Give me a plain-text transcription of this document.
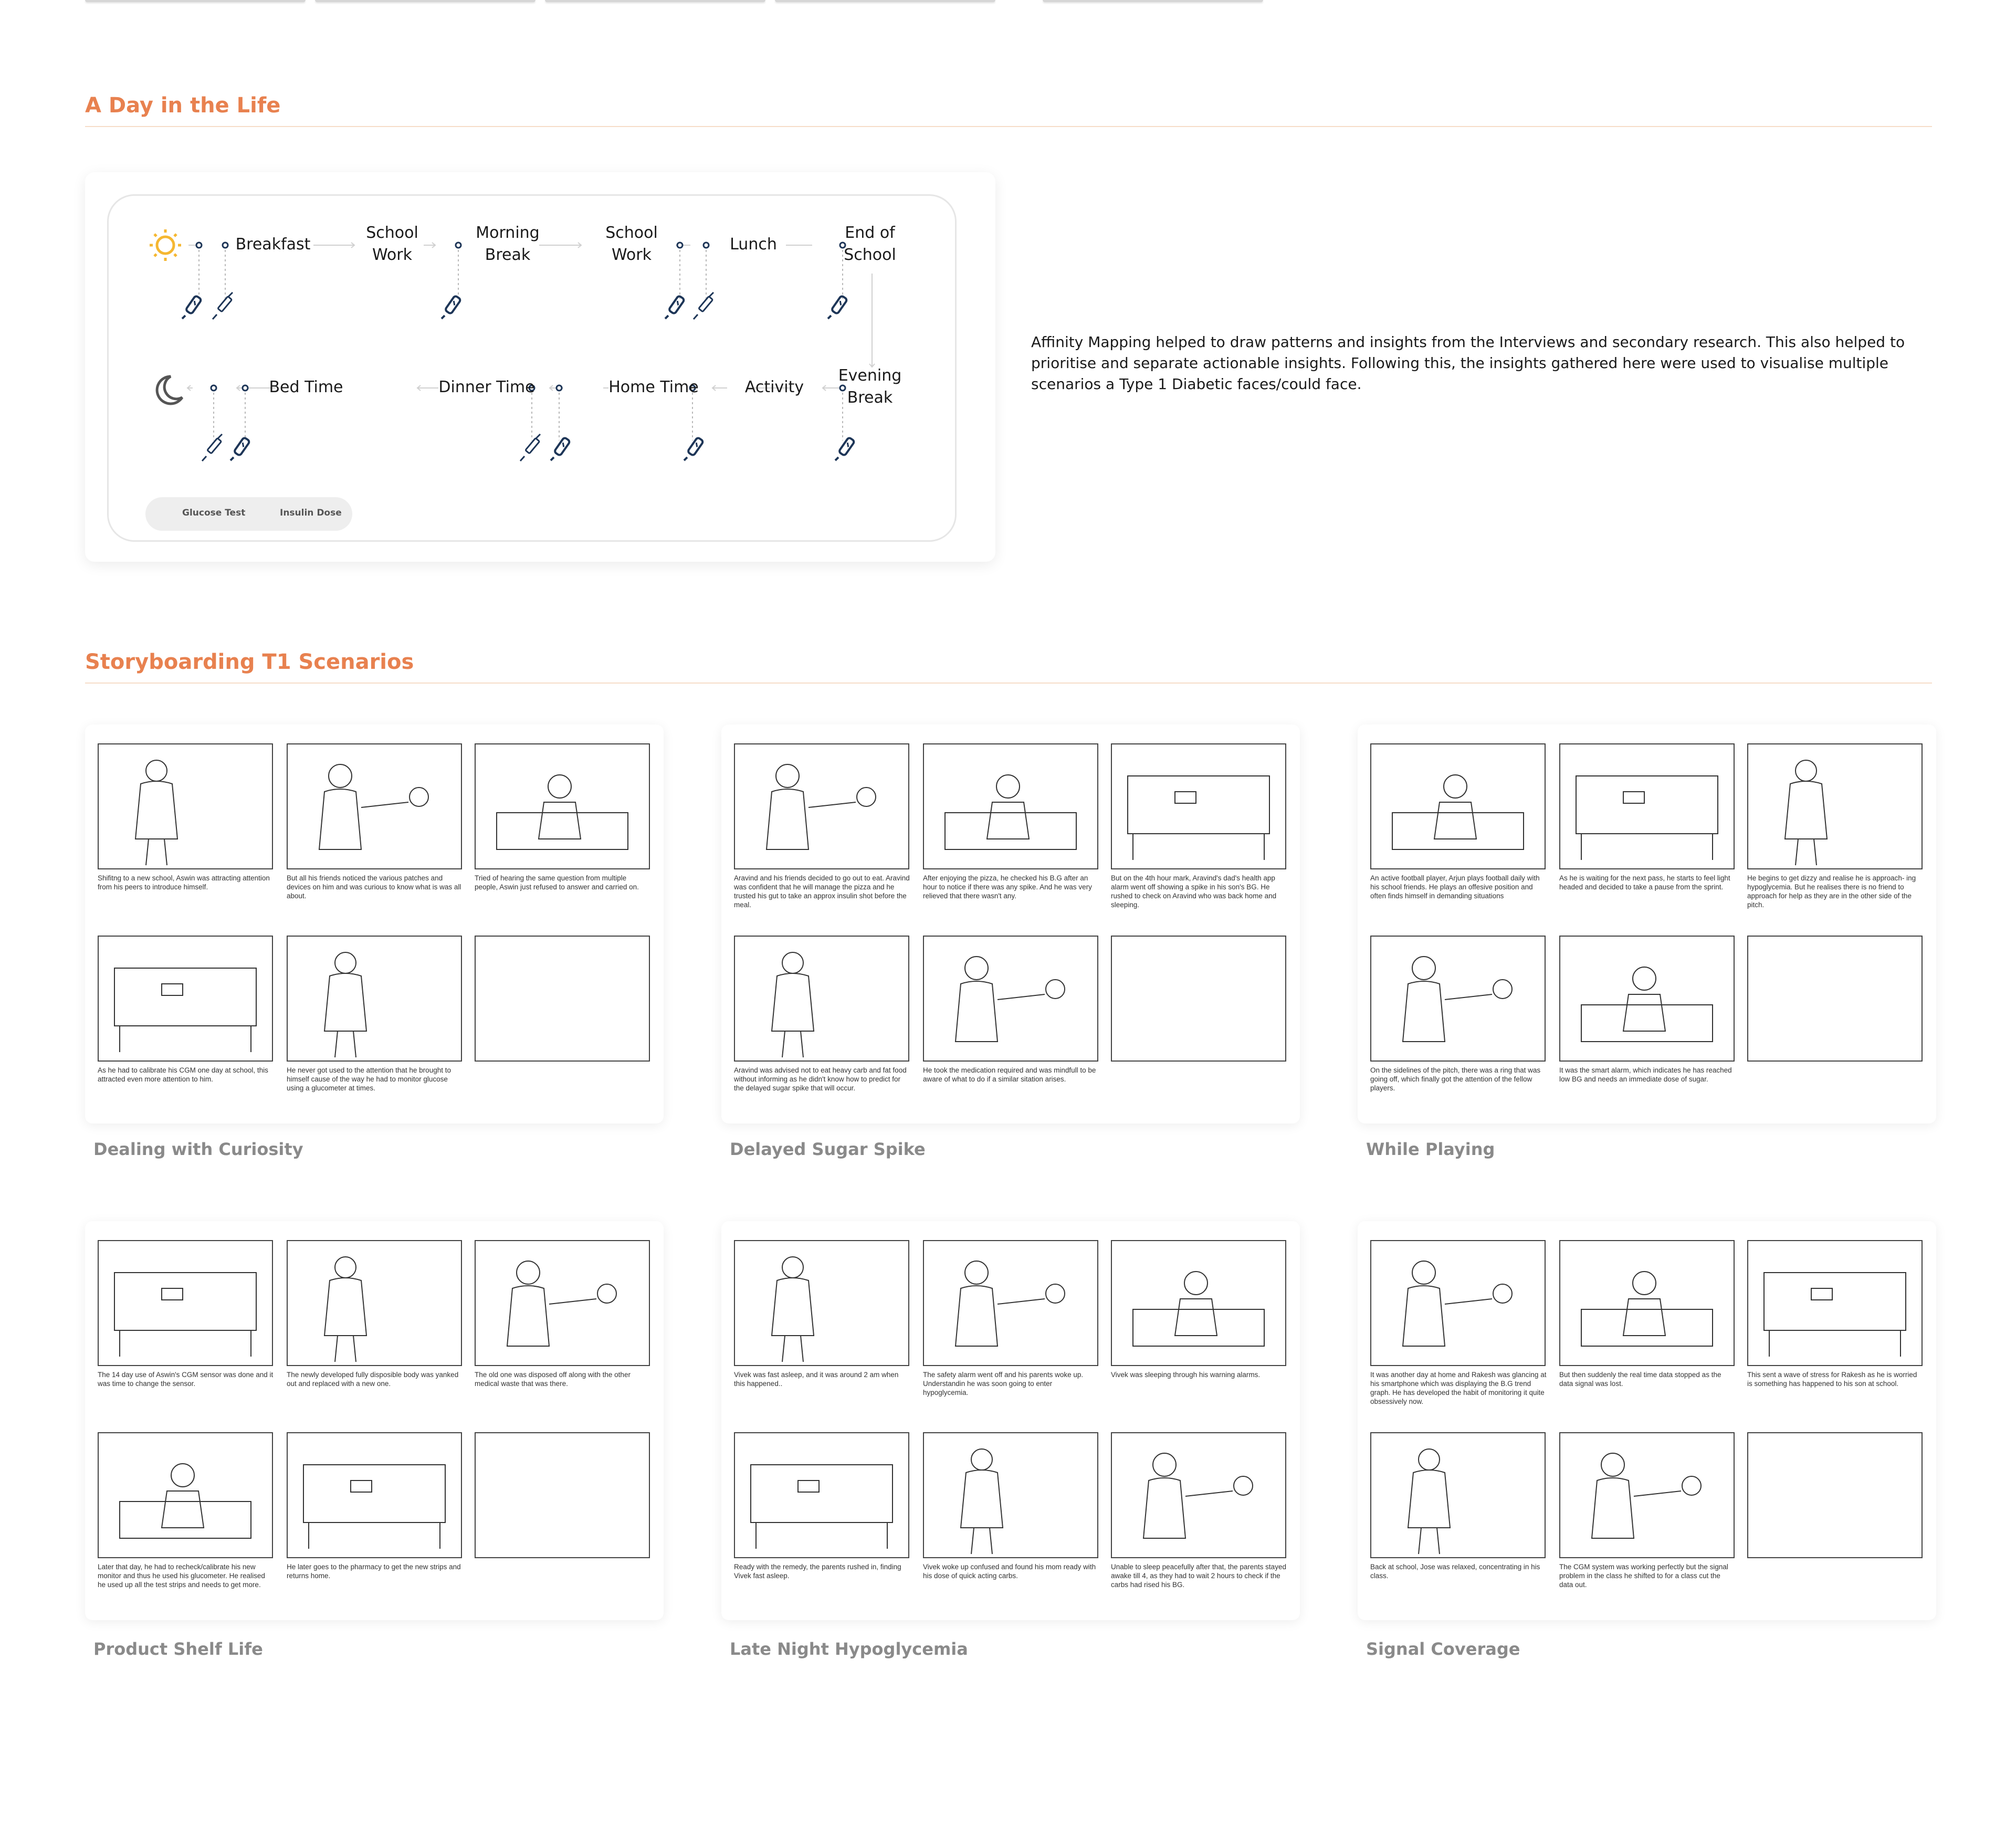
A Day in the Life
Breakfast
School
Work
Morning
Break
School
Work
Lunch
End of
School
Evening
Break
Activity
Home Time
Dinner Time
Bed Time
Glucose Test	Insulin Dose

Affinity Mapping helped to draw patterns and insights from the Interviews and secondary research. This also helped to prioritise and separate actionable insights. Following this, the insights gathered here were used to visualise multiple scenarios a Type 1 Diabetic faces/could face.

Storyboarding T1 Scenarios

Shifitng to a new school, Aswin was attracting attention from his peers to introduce himself.

But all his friends noticed the various patches and devices on him and was curious to know what is was all about.

Tried of hearing the same question from multiple people, Aswin just refused to answer and carried on.

As he had to calibrate his CGM one day at school, this attracted even more attention to him.

He never got used to the attention that he brought to himself cause of the way he had to monitor glucose using a glucometer at times.

Dealing with Curiosity

Aravind and his friends decided to go out to eat. Aravind was confident that he will manage the pizza and he trusted his gut to take an approx insulin shot before the meal.

After enjoying the pizza, he checked his B.G after an hour to notice if there was any spike. And he was very relieved that there wasn't any.

But on the 4th hour mark, Aravind's dad's health app alarm went off showing a spike in his son's BG. He rushed to check on Aravind who was back home and sleeping.

Aravind was advised not to eat heavy carb and fat food without informing as he didn't know how to predict for the delayed sugar spike that will occur.

He took the medication required and was mindfull to be aware of what to do if a similar sitation arises.

Delayed Sugar Spike

An active football player, Arjun plays football daily with his school friends. He plays an offesive position and often finds himself in demanding situations

As he is waiting for the next pass, he starts to feel light headed and decided to take a pause from the sprint.

He begins to get dizzy and realise he is approach- ing hypoglycemia. But he realises there is no friend to approach for help as they are in the other side of the pitch.

On the sidelines of the pitch, there was a ring that was going off, which finally got the attention of the fellow players.

It was the smart alarm, which indicates he has reached low BG and needs an immediate dose of sugar.

While Playing

The 14 day use of Aswin's CGM sensor was done and it was time to change the sensor.

The newly developed fully disposible body was yanked out and replaced with a new one.

The old one was disposed off along with the other medical waste that was there.

Later that day, he had to recheck/calibrate his new monitor and thus he used his glucometer. He realised he used up all the test strips and needs to get more.

He later goes to the pharmacy to get the new strips and returns home.

Product Shelf Life

Vivek was fast asleep, and it was around 2 am when this happened..

The safety alarm went off and his parents woke up. Understandin he was soon going to enter hypoglycemia.

Vivek was sleeping through his warning alarms.

Ready with the remedy, the parents rushed in, finding Vivek fast asleep.

Vivek woke up confused and found his mom ready with his dose of quick acting carbs.

Unable to sleep peacefully after that, the parents stayed awake till 4, as they had to wait 2 hours to check if the carbs had rised his BG.

Late Night Hypoglycemia

It was another day at home and Rakesh was glancing at his smartphone which was displaying the B.G trend graph. He has developed the habit of monitoring it quite obsessively now.

But then suddenly the real time data stopped as the data signal was lost.

This sent a wave of stress for Rakesh as he is worried is something has happened to his son at school.

Back at school, Jose was relaxed, concentrating in his class.

The CGM system was working perfectly but the signal problem in the class he shifted to for a class cut the data out.

Signal Coverage
